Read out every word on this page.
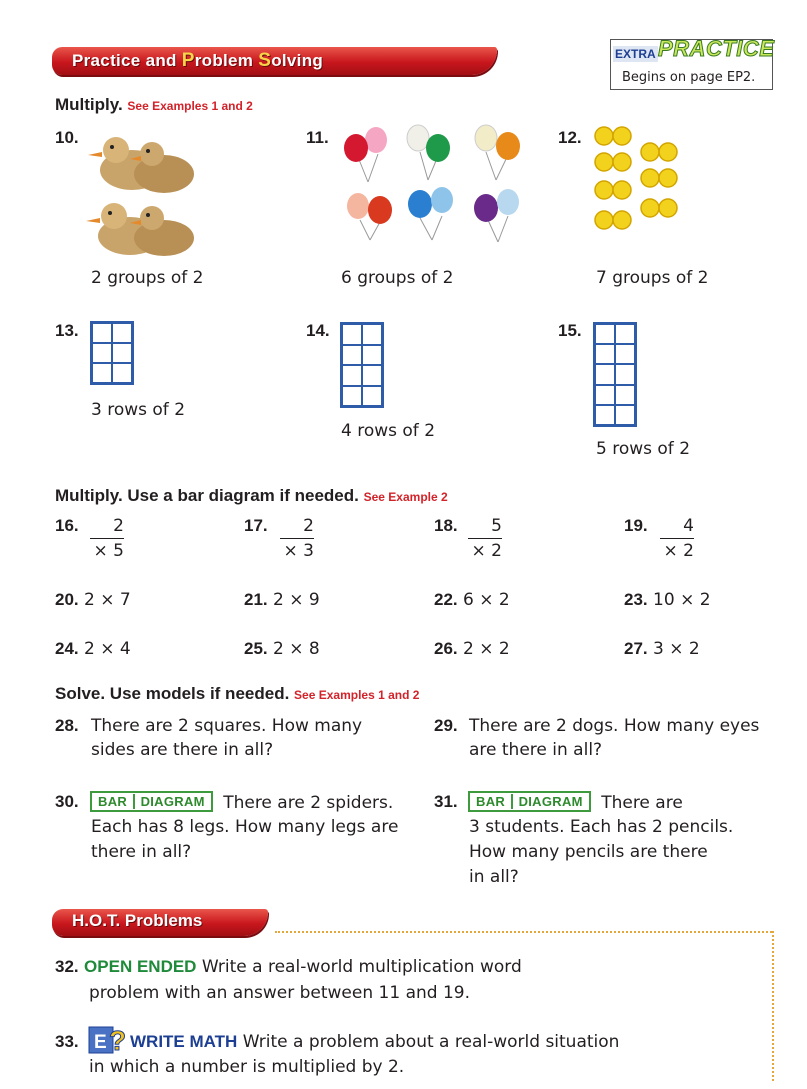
Practice and Problem Solving	EXTRA PRACTICE
Begins on page EP2.
Multiply. See Examples 1 and 2
10.
2 groups of 2
11.
6 groups of 2
12.
7 groups of 2
13.
3 rows of 2
14.
4 rows of 2
15.
5 rows of 2
Multiply. Use a bar diagram if needed. See Example 2
16.	2
× 5
17.	2
× 3
18.	5
× 2
19.	4
× 2
20. 2 × 7	21. 2 × 9	22. 6 × 2	23. 10 × 2
24. 2 × 4	25. 2 × 8	26. 2 × 2	27. 3 × 2
Solve. Use models if needed. See Examples 1 and 2
28. There are 2 squares. How many
sides are there in all?
29. There are 2 dogs. How many eyes
are there in all?
30.	BAR DIAGRAM There are 2 spiders.
Each has 8 legs. How many legs are
there in all?
31.	BAR DIAGRAM There are
3 students. Each has 2 pencils.
How many pencils are there
in all?
H.O.T. Problems
32. OPEN ENDED Write a real-world multiplication word
problem with an answer between 11 and 19.
33. E ? WRITE MATH Write a problem about a real-world situation
in which a number is multiplied by 2.
